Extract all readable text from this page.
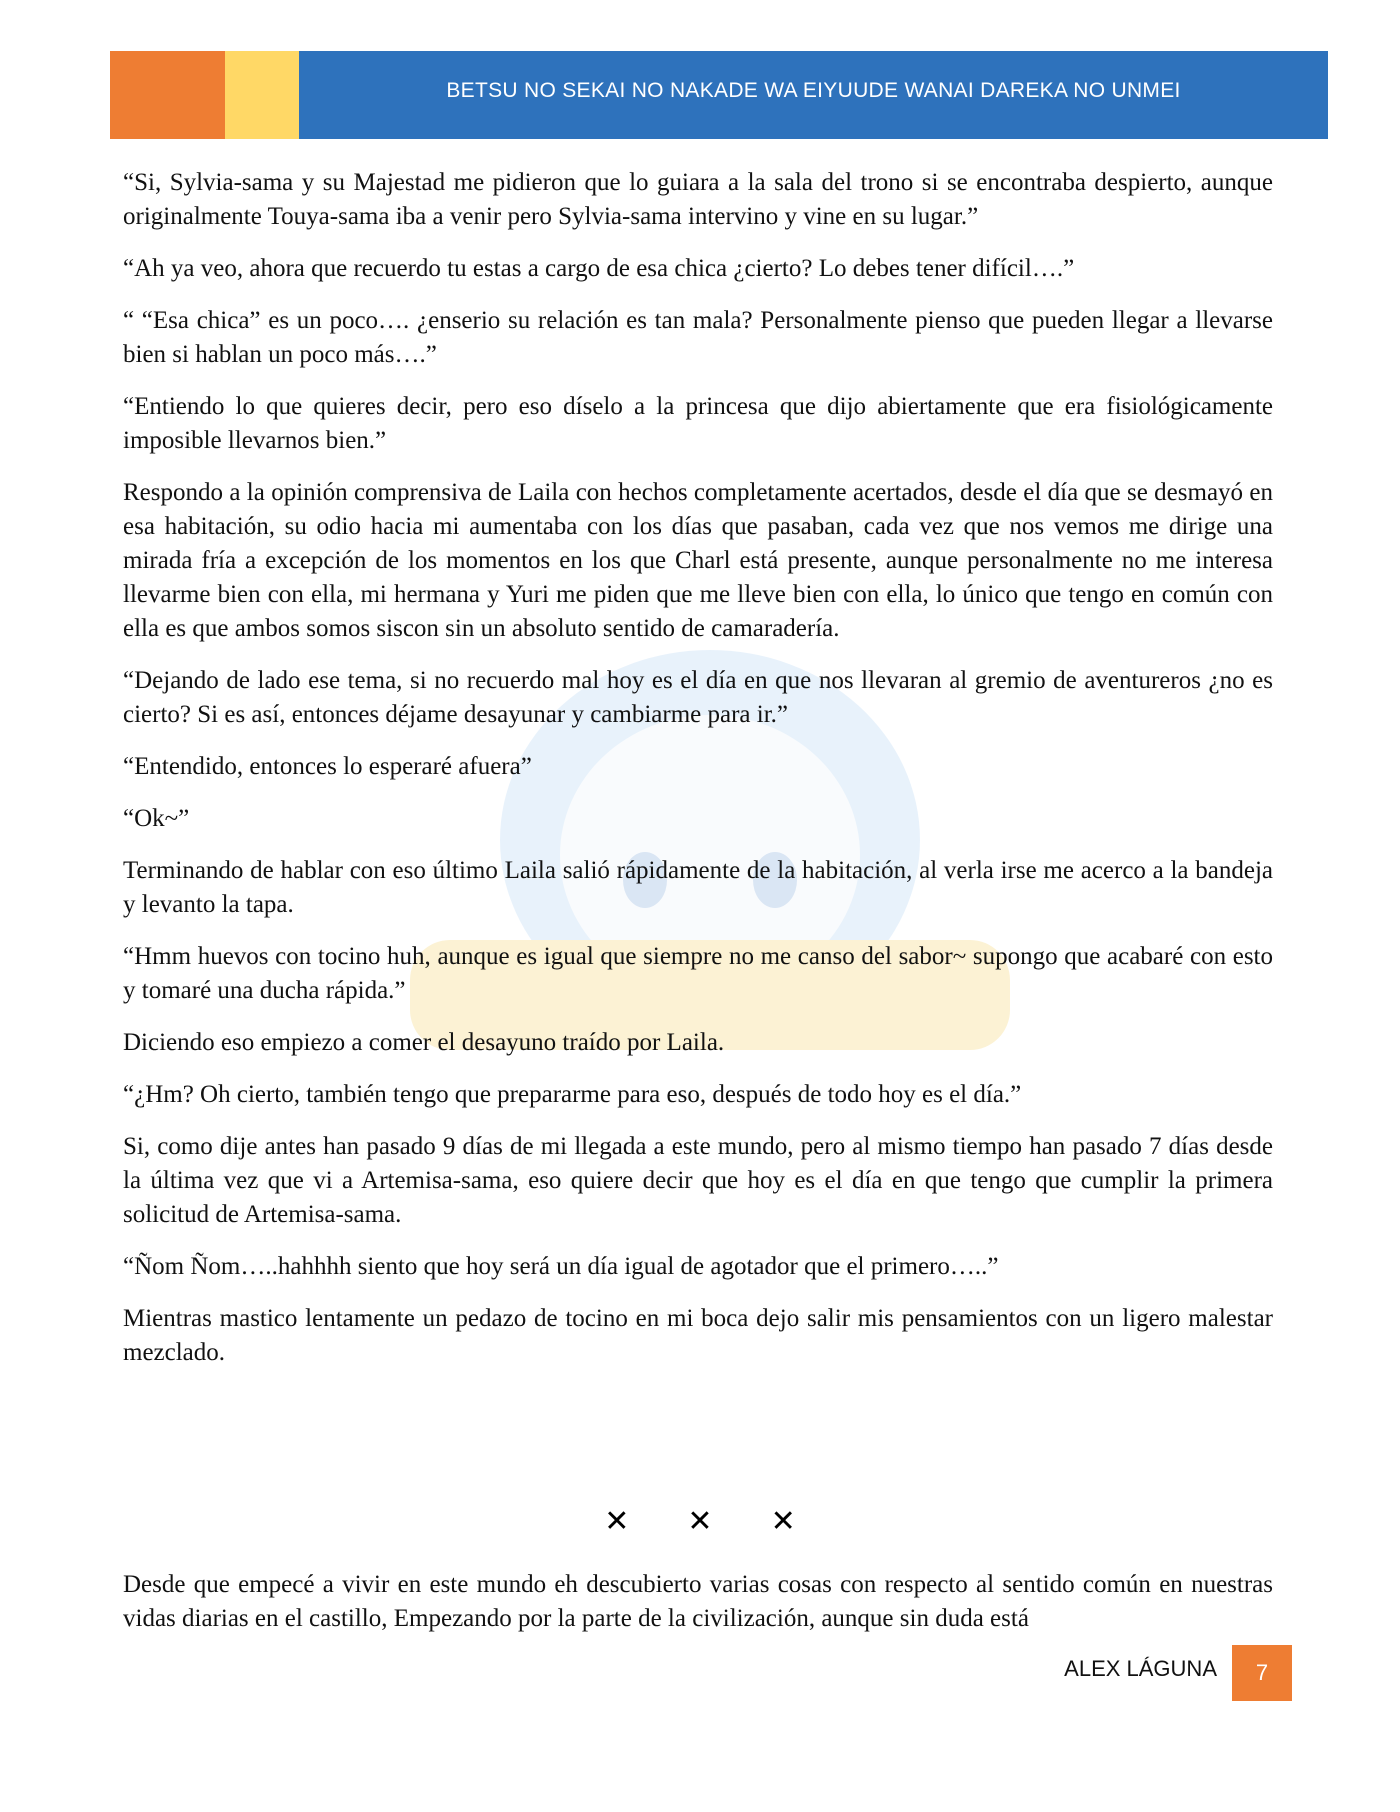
BETSU NO SEKAI NO NAKADE WA EIYUUDE WANAI DAREKA NO UNMEI

“Si, Sylvia-sama y su Majestad me pidieron que lo guiara a la sala del trono si se encontraba despierto, aunque originalmente Touya-sama iba a venir pero Sylvia-sama intervino y vine en su lugar.”

“Ah ya veo, ahora que recuerdo tu estas a cargo de esa chica ¿cierto? Lo debes tener difícil….”

“ “Esa chica” es un poco…. ¿enserio su relación es tan mala? Personalmente pienso que pueden llegar a llevarse bien si hablan un poco más….”

“Entiendo lo que quieres decir, pero eso díselo a la princesa que dijo abiertamente que era fisiológicamente imposible llevarnos bien.”

Respondo a la opinión comprensiva de Laila con hechos completamente acertados, desde el día que se desmayó en esa habitación, su odio hacia mi aumentaba con los días que pasaban, cada vez que nos vemos me dirige una mirada fría a excepción de los momentos en los que Charl está presente, aunque personalmente no me interesa llevarme bien con ella, mi hermana y Yuri me piden que me lleve bien con ella, lo único que tengo en común con ella es que ambos somos siscon sin un absoluto sentido de camaradería.

“Dejando de lado ese tema, si no recuerdo mal hoy es el día en que nos llevaran al gremio de aventureros ¿no es cierto? Si es así, entonces déjame desayunar y cambiarme para ir.”

“Entendido, entonces lo esperaré afuera”

“Ok~”

Terminando de hablar con eso último Laila salió rápidamente de la habitación, al verla irse me acerco a la bandeja y levanto la tapa.

“Hmm huevos con tocino huh, aunque es igual que siempre no me canso del sabor~ supongo que acabaré con esto y tomaré una ducha rápida.”

Diciendo eso empiezo a comer el desayuno traído por Laila.

“¿Hm? Oh cierto, también tengo que prepararme para eso, después de todo hoy es el día.”

Si, como dije antes han pasado 9 días de mi llegada a este mundo, pero al mismo tiempo han pasado 7 días desde la última vez que vi a Artemisa-sama, eso quiere decir que hoy es el día en que tengo que cumplir la primera solicitud de Artemisa-sama.

“Ñom Ñom…..hahhhh siento que hoy será un día igual de agotador que el primero…..”

Mientras mastico lentamente un pedazo de tocino en mi boca dejo salir mis pensamientos con un ligero malestar mezclado.

✕ ✕ ✕

Desde que empecé a vivir en este mundo eh descubierto varias cosas con respecto al sentido común en nuestras vidas diarias en el castillo, Empezando por la parte de la civilización, aunque sin duda está

ALEX LÁGUNA	7
